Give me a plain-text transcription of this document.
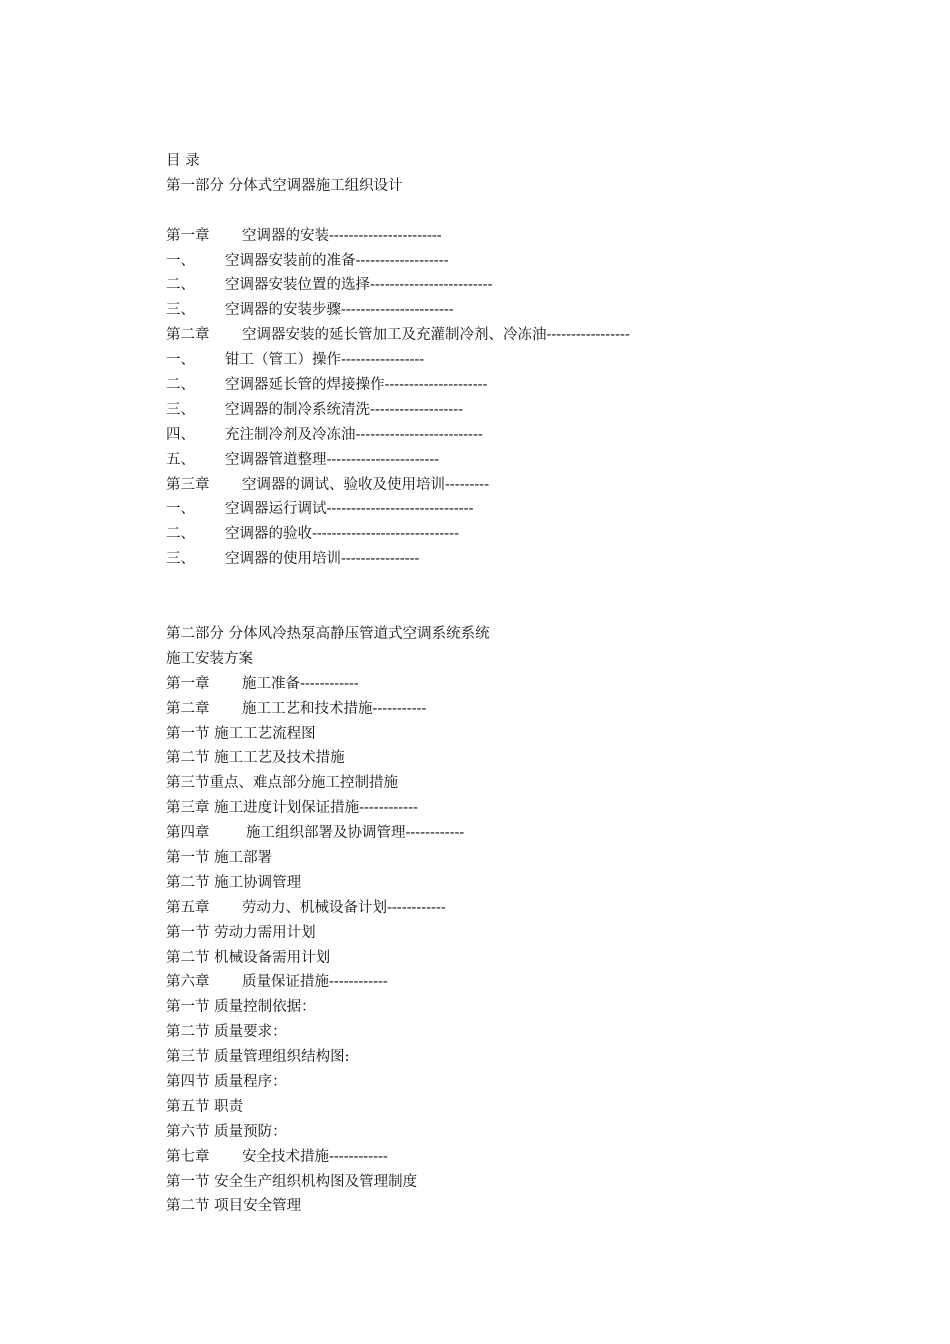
目 录
第一部分 分体式空调器施工组织设计
第一章 空调器的安装-----------------------
一、 空调器安装前的准备-------------------
二、 空调器安装位置的选择-------------------------
三、 空调器的安装步骤-----------------------
第二章 空调器安装的延长管加工及充灌制冷剂、冷冻油-----------------
一、 钳工（管工）操作-----------------
二、 空调器延长管的焊接操作---------------------
三、 空调器的制冷系统清洗-------------------
四、 充注制冷剂及冷冻油--------------------------
五、 空调器管道整理-----------------------
第三章 空调器的调试、验收及使用培训---------
一、 空调器运行调试------------------------------
二、 空调器的验收------------------------------
三、 空调器的使用培训----------------
第二部分 分体风冷热泵高静压管道式空调系统系统
施工安装方案
第一章 施工准备------------
第二章 施工工艺和技术措施-----------
第一节 施工工艺流程图
第二节 施工工艺及技术措施
第三节重点、难点部分施工控制措施
第三章 施工进度计划保证措施------------
第四章	施工组织部署及协调管理------------
第一节 施工部署
第二节 施工协调管理
第五章 劳动力、机械设备计划------------
第一节 劳动力需用计划
第二节 机械设备需用计划
第六章 质量保证措施------------
第一节 质量控制依据：
第二节 质量要求：
第三节 质量管理组织结构图:
第四节 质量程序：
第五节 职责
第六节 质量预防：
第七章 安全技术措施------------
第一节 安全生产组织机构图及管理制度
第二节 项目安全管理
